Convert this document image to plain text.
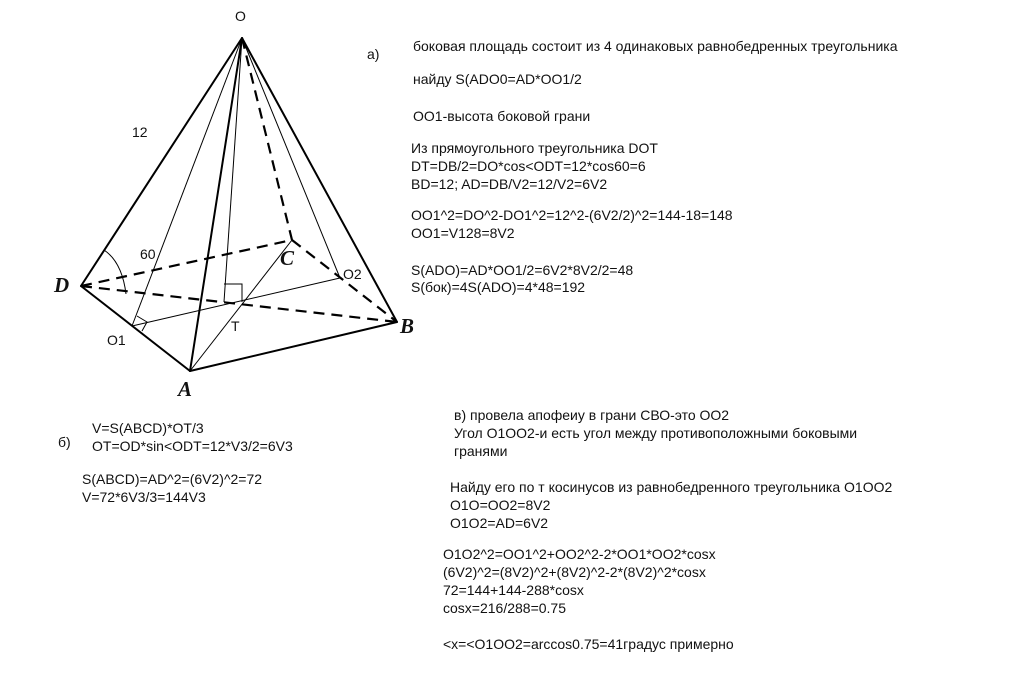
O
D
C
B
A
T
O1
O2
12
60
а) боковая площадь состоит из 4 одинаковых равнобедренных треугольника
найду S(ADO0=AD*OO1/2
OO1-высота боковой грани
Из прямоугольного треугольника DOT
DT=DB/2=DO*cos<ODT=12*cos60=6
BD=12; AD=DB/V2=12/V2=6V2
OO1^2=DO^2-DO1^2=12^2-(6V2/2)^2=144-18=148
OO1=V128=8V2
S(ADO)=AD*OO1/2=6V2*8V2/2=48
S(бок)=4S(ADO)=4*48=192
б)
V=S(ABCD)*OT/3
OT=OD*sin<ODT=12*V3/2=6V3
S(ABCD)=AD^2=(6V2)^2=72
V=72*6V3/3=144V3
в) провела апофеиу в грани СВО-это ОО2
Угол O1OO2-и есть угол между противоположными боковыми
гранями
Найду его по т косинусов из равнобедренного треугольника O1OO2
O1O=OO2=8V2
O1O2=AD=6V2
O1O2^2=OO1^2+OO2^2-2*OO1*OO2*cosx
(6V2)^2=(8V2)^2+(8V2)^2-2*(8V2)^2*cosx
72=144+144-288*cosx
cosx=216/288=0.75
<x=<O1OO2=arccos0.75=41градус примерно
